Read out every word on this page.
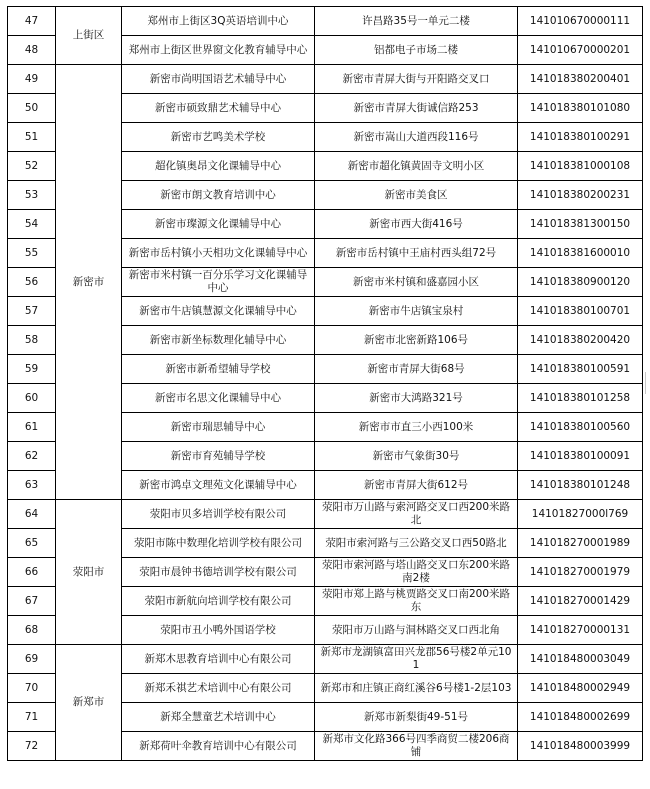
47	上街区	郑州市上街区3Q英语培训中心	许昌路35号一单元二楼	141010670000111
48		郑州市上街区世界窗文化教育辅导中心	铝都电子市场二楼	141010670000201
49	新密市	新密市尚明国语艺术辅导中心	新密市青屏大街与开阳路交叉口	141018380200401
50		新密市硕致鼎艺术辅导中心	新密市青屏大街诚信路253	141018380101080
51		新密市艺鸣美术学校	新密市嵩山大道西段116号	141018380100291
52		超化镇奥昂文化课辅导中心	新密市超化镇黄固寺文明小区	141018381000108
53		新密市朗文教育培训中心	新密市美食区	141018380200231
54		新密市璨源文化课辅导中心	新密市西大街416号	141018381300150
55		新密市岳村镇小天相功文化课辅导中心	新密市岳村镇中王庙村西头组72号	141018381600010
56		新密市米村镇一百分乐学习文化课辅导中心	新密市米村镇和盛嘉园小区	141018380900120
57		新密市牛店镇慧源文化课辅导中心	新密市牛店镇宝泉村	141018380100701
58		新密市新坐标数理化辅导中心	新密市北密新路106号	141018380200420
59		新密市新希望辅导学校	新密市青屏大街68号	141018380100591
60		新密市名思文化课辅导中心	新密市大鸿路321号	141018380101258
61		新密市瑞思辅导中心	新密市市直三小西100米	141018380100560
62		新密市育苑辅导学校	新密市气象街30号	141018380100091
63		新密市鸿卓文理苑文化课辅导中心	新密市青屏大街612号	141018380101248
64	荥阳市	荥阳市贝多培训学校有限公司	荥阳市万山路与索河路交叉口西200米路北	14101827000l769
65		荥阳市陈中数理化培训学校有限公司	荥阳市索河路与三公路交叉口西50路北	141018270001989
66		荥阳市晨钟书德培训学校有限公司	荥阳市索河路与塔山路交叉口东200米路南2楼	141018270001979
67		荥阳市新航向培训学校有限公司	荥阳市郑上路与桃贾路交叉口南200米路东	141018270001429
68		荥阳市丑小鸭外国语学校	荥阳市万山路与洞林路交叉口西北角	141018270000131
69	新郑市	新郑木思教育培训中心有限公司	新郑市龙湖镇富田兴龙郡56号楼2单元101	141018480003049
70		新郑禾祺艺术培训中心有限公司	新郑市和庄镇正商红溪谷6号楼1-2层103	141018480002949
71		新郑全慧童艺术培训中心	新郑市新梨街49-51号	141018480002699
72		新郑荷叶伞教育培训中心有限公司	新郑市文化路366号四季商贸二楼206商铺	141018480003999
